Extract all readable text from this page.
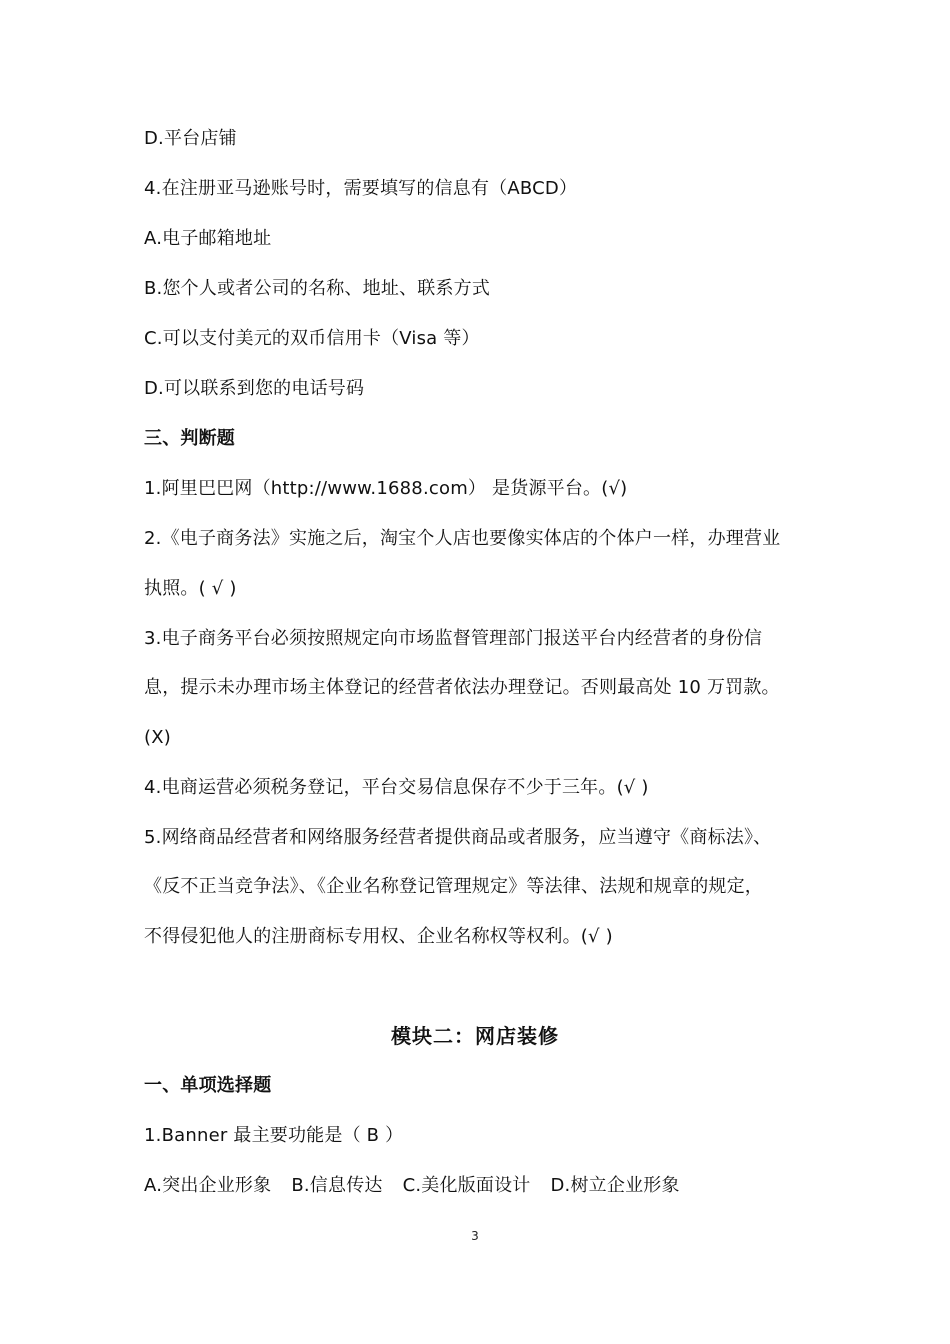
D.平台店铺
4.在注册亚马逊账号时，需要填写的信息有（ABCD）
A.电子邮箱地址
B.您个人或者公司的名称、地址、联系方式
C.可以支付美元的双币信用卡（Visa 等）
D.可以联系到您的电话号码
三、判断题
1.阿里巴巴网（http://www.1688.com） 是货源平台。(√)
2.《电子商务法》实施之后，淘宝个人店也要像实体店的个体户一样，办理营业
执照。( √ )
3.电子商务平台必须按照规定向市场监督管理部门报送平台内经营者的身份信
息，提示未办理市场主体登记的经营者依法办理登记。否则最高处 10 万罚款。
(X)
4.电商运营必须税务登记，平台交易信息保存不少于三年。(√ )
5.网络商品经营者和网络服务经营者提供商品或者服务，应当遵守《商标法》、
《反不正当竞争法》、《企业名称登记管理规定》等法律、法规和规章的规定，
不得侵犯他人的注册商标专用权、企业名称权等权利。(√ )
模块二：网店装修
一、单项选择题
1.Banner 最主要功能是（ B ）
A.突出企业形象 B.信息传达 C.美化版面设计 D.树立企业形象
3
